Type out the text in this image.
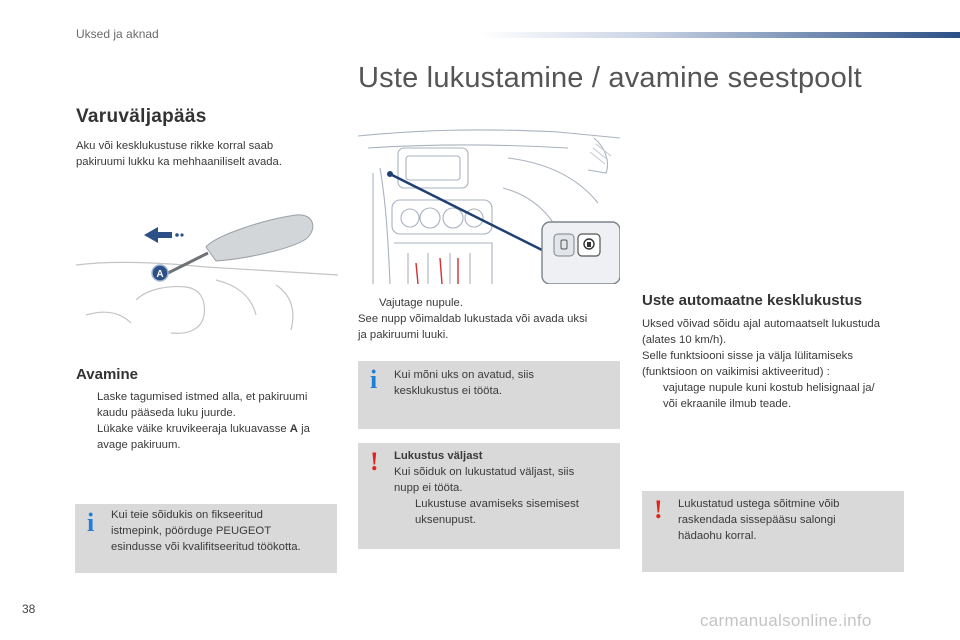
Uksed ja aknad
Uste lukustamine / avamine seestpoolt
Varuväljapääs
Aku või kesklukustuse rikke korral saab
pakiruumi lukku ka mehhaaniliselt avada.
A
Avamine
Laske tagumised istmed alla, et pakiruumi
kaudu pääseda luku juurde.
Lükake väike kruvikeeraja lukuavasse A ja
avage pakiruum.
i Kui teie sõidukis on fikseeritud
istmepink, pöörduge PEUGEOT
esindusse või kvalifitseeritud töökotta.
Vajutage nupule.
See nupp võimaldab lukustada või avada uksi
ja pakiruumi luuki.
i Kui mõni uks on avatud, siis
kesklukustus ei tööta.
! Lukustus väljast
Kui sõiduk on lukustatud väljast, siis
nupp ei tööta.
Lukustuse avamiseks sisemisest
uksenupust.
Uste automaatne kesklukustus
Uksed võivad sõidu ajal automaatselt lukustuda
(alates 10 km/h).
Selle funktsiooni sisse ja välja lülitamiseks
(funktsioon on vaikimisi aktiveeritud) :
vajutage nupule kuni kostub helisignaal ja/
või ekraanile ilmub teade.
! Lukustatud ustega sõitmine võib
raskendada sissepääsu salongi
hädaohu korral.
38
carmanualsonline.info
